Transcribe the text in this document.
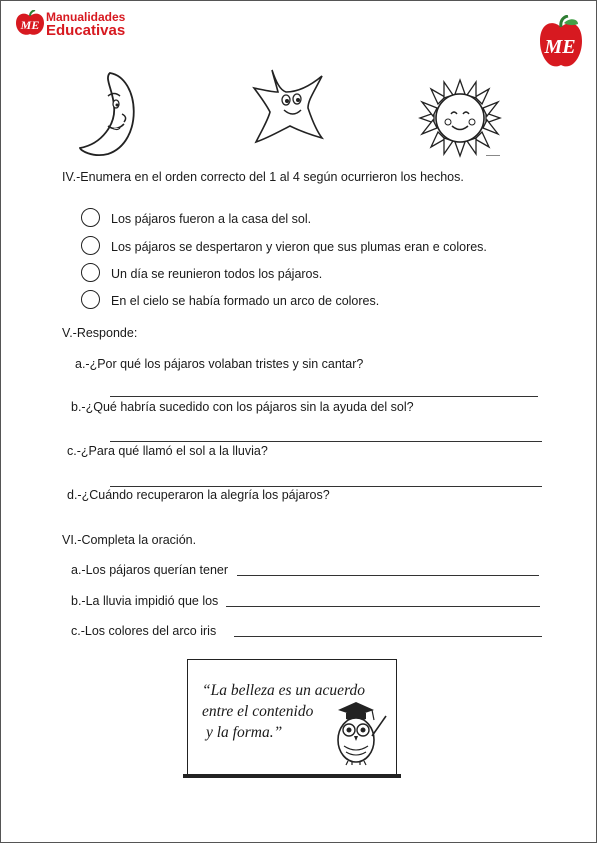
ME
Manualidades
Educativas
ME
IV.-Enumera en el orden correcto del 1 al 4 según ocurrieron los hechos.
Los pájaros fueron a la casa del sol.
Los pájaros se despertaron y vieron que sus plumas eran e colores.
Un día se reunieron todos los pájaros.
En el cielo se había formado un arco de colores.
V.-Responde:
a.-¿Por qué los pájaros volaban tristes y sin cantar?
b.-¿Qué habría sucedido con los pájaros sin la ayuda del sol?
c.-¿Para qué llamó el sol a la lluvia?
d.-¿Cuándo recuperaron la alegría los pájaros?
VI.-Completa la oración.
a.-Los pájaros querían tener
b.-La lluvia impidió que los
c.-Los colores del arco iris
“La belleza es un acuerdo
entre el contenido
y la forma.”
